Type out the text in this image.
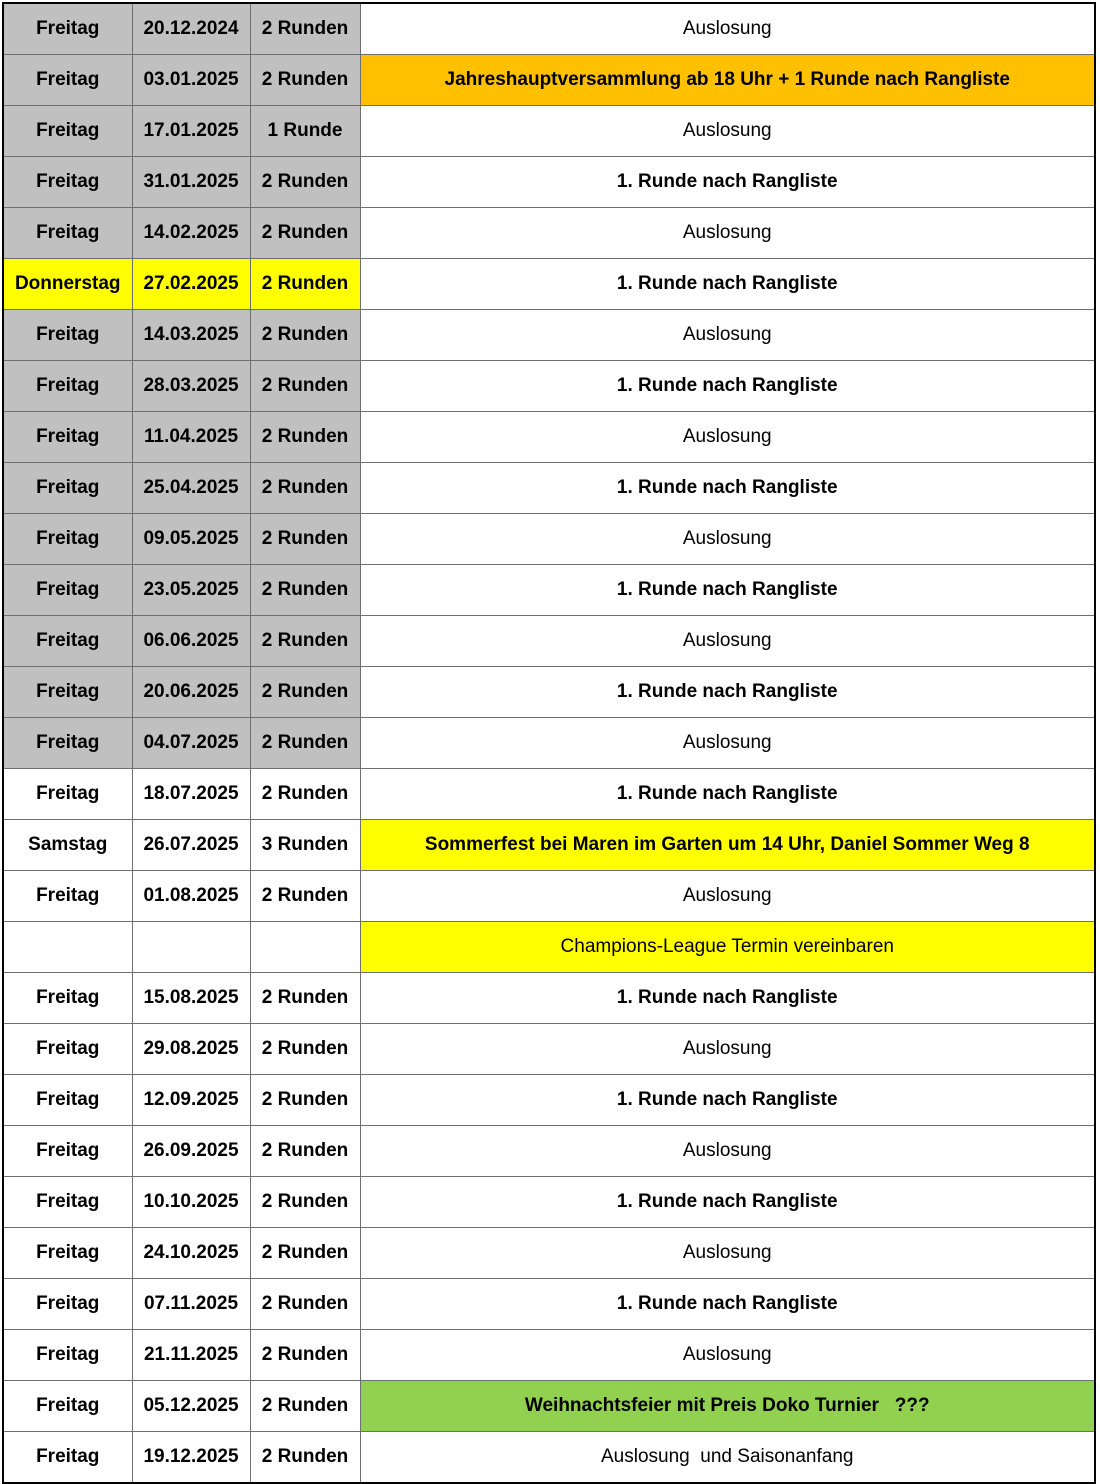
Freitag	20.12.2024	2 Runden	Auslosung
Freitag	03.01.2025	2 Runden	Jahreshauptversammlung ab 18 Uhr + 1 Runde nach Rangliste
Freitag	17.01.2025	1 Runde	Auslosung
Freitag	31.01.2025	2 Runden	1. Runde nach Rangliste
Freitag	14.02.2025	2 Runden	Auslosung
Donnerstag	27.02.2025	2 Runden	1. Runde nach Rangliste
Freitag	14.03.2025	2 Runden	Auslosung
Freitag	28.03.2025	2 Runden	1. Runde nach Rangliste
Freitag	11.04.2025	2 Runden	Auslosung
Freitag	25.04.2025	2 Runden	1. Runde nach Rangliste
Freitag	09.05.2025	2 Runden	Auslosung
Freitag	23.05.2025	2 Runden	1. Runde nach Rangliste
Freitag	06.06.2025	2 Runden	Auslosung
Freitag	20.06.2025	2 Runden	1. Runde nach Rangliste
Freitag	04.07.2025	2 Runden	Auslosung
Freitag	18.07.2025	2 Runden	1. Runde nach Rangliste
Samstag	26.07.2025	3 Runden	Sommerfest bei Maren im Garten um 14 Uhr, Daniel Sommer Weg 8
Freitag	01.08.2025	2 Runden	Auslosung
			Champions-League Termin vereinbaren
Freitag	15.08.2025	2 Runden	1. Runde nach Rangliste
Freitag	29.08.2025	2 Runden	Auslosung
Freitag	12.09.2025	2 Runden	1. Runde nach Rangliste
Freitag	26.09.2025	2 Runden	Auslosung
Freitag	10.10.2025	2 Runden	1. Runde nach Rangliste
Freitag	24.10.2025	2 Runden	Auslosung
Freitag	07.11.2025	2 Runden	1. Runde nach Rangliste
Freitag	21.11.2025	2 Runden	Auslosung
Freitag	05.12.2025	2 Runden	Weihnachtsfeier mit Preis Doko Turnier   ???
Freitag	19.12.2025	2 Runden	Auslosung  und Saisonanfang
